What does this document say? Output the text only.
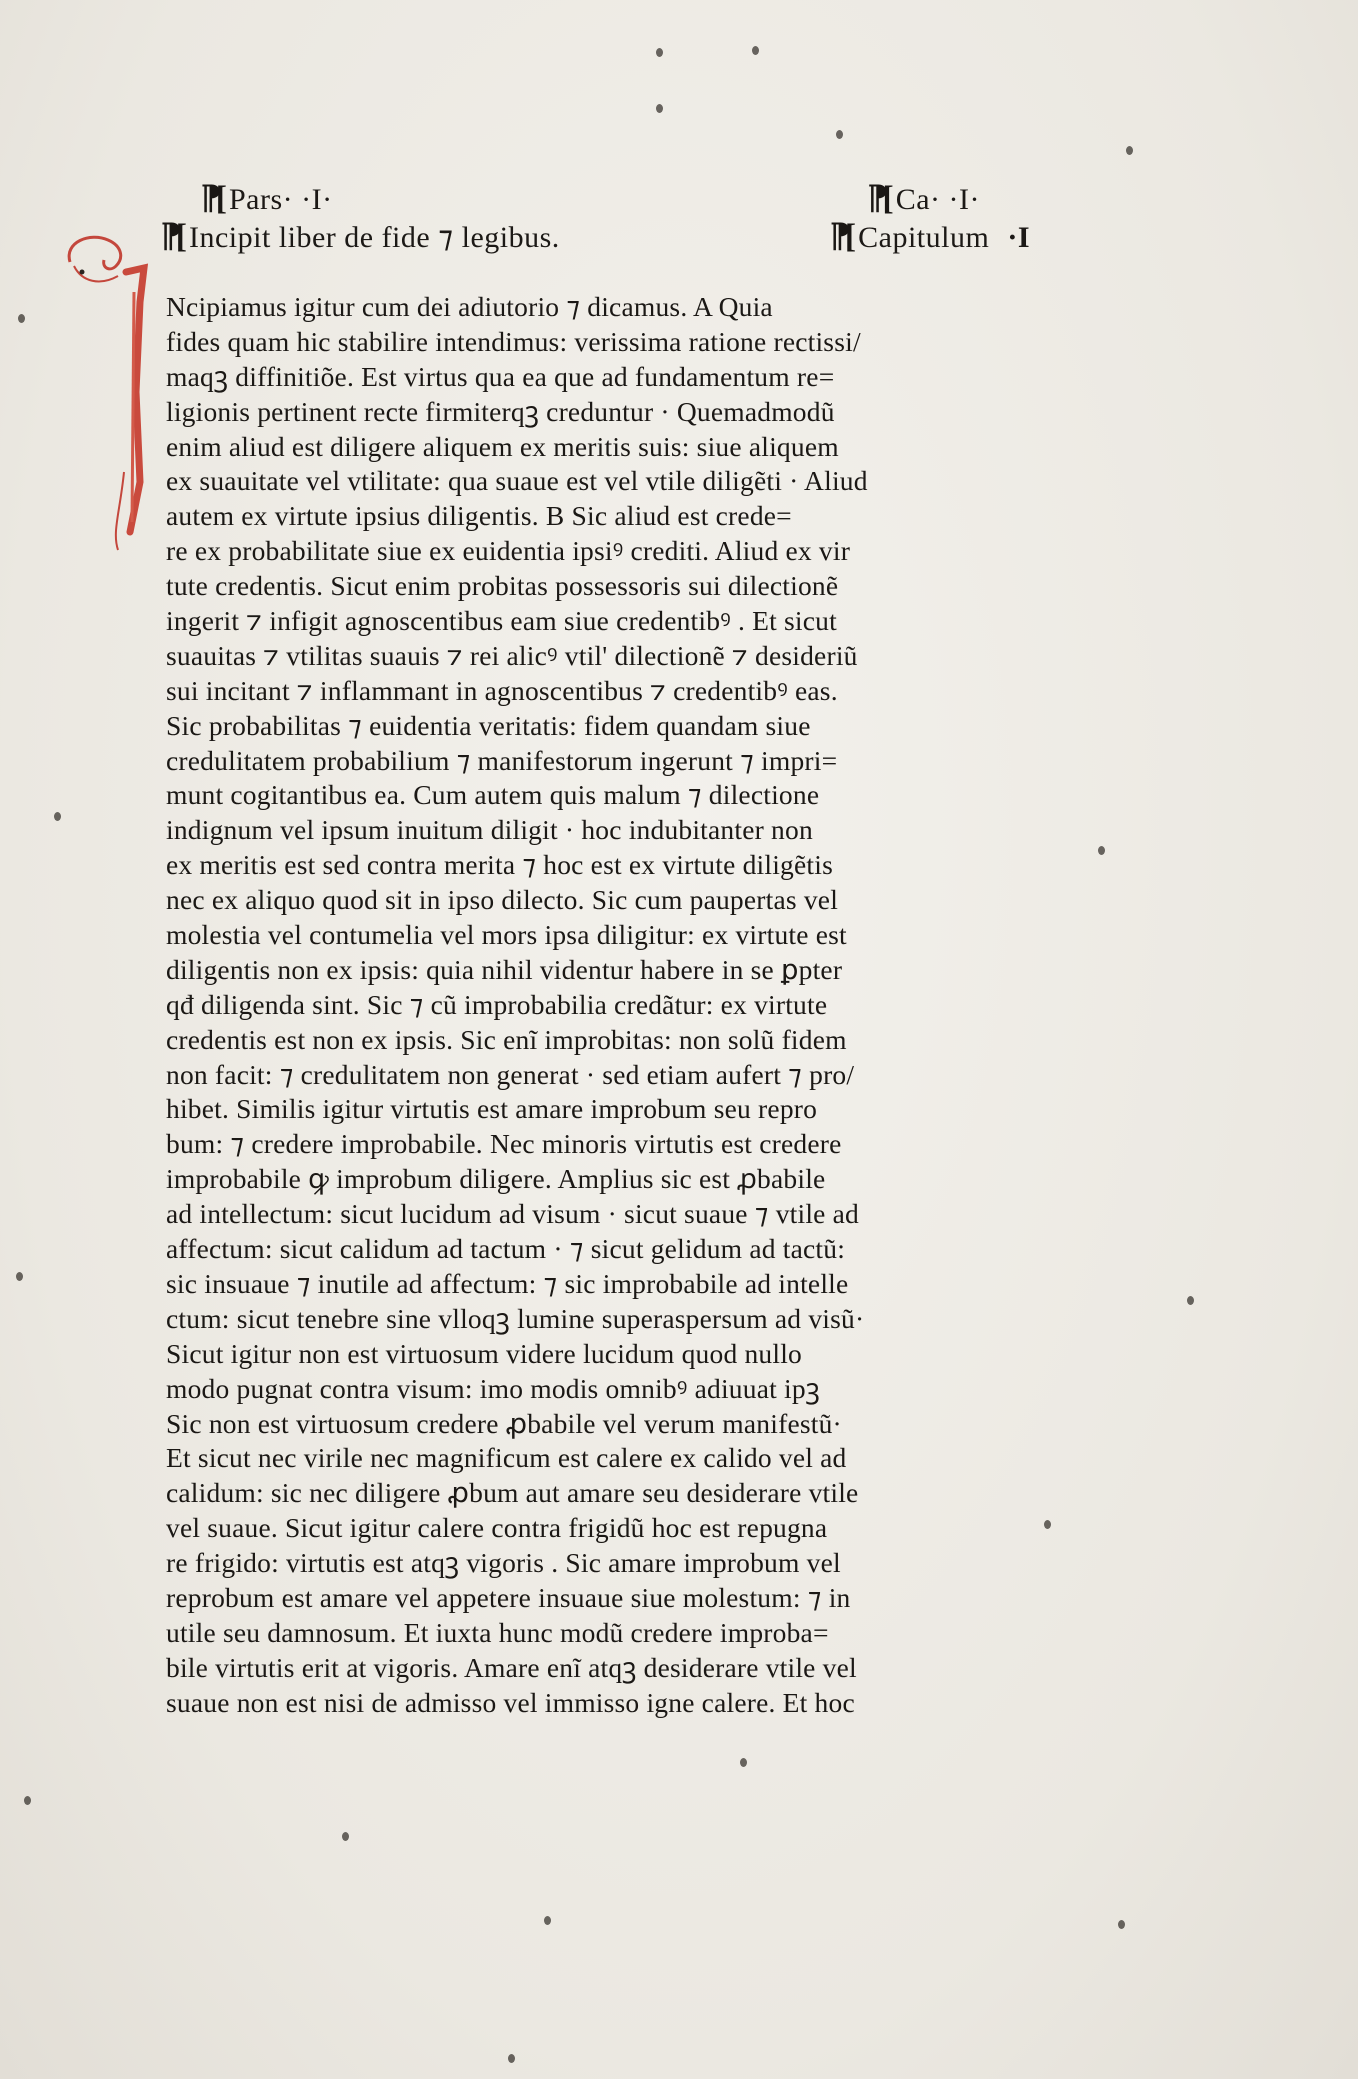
⁋[ Pars· ·I·	⁋[ Ca· ·I·
⁋[ Incipit liber de fide ⁊ legibus.	⁋[ Capitulum ·I
Ncipiamus igitur cum dei adiutorio ⁊ dicamus. A Quia
fides quam hic stabilire intendimus: verissima ratione rectissi/
maqꝫ diffinitiõe. Est virtus qua ea que ad fundamentum re=
ligionis pertinent recte firmiterqꝫ creduntur · Quemadmodũ
enim aliud est diligere aliquem ex meritis suis: siue aliquem
ex suauitate vel vtilitate: qua suaue est vel vtile diligẽti · Aliud
autem ex virtute ipsius diligentis. B Sic aliud est crede=
re ex probabilitate siue ex euidentia ipsiꝰ crediti. Aliud ex vir
tute credentis. Sicut enim probitas possessoris sui dilectionẽ
ingerit ⁊ infigit agnoscentibus eam siue credentibꝰ . Et sicut
suauitas ⁊ vtilitas suauis ⁊ rei alicꝰ vtil' dilectionẽ ⁊ desideriũ
sui incitant ⁊ inflammant in agnoscentibus ⁊ credentibꝰ eas.
Sic probabilitas ⁊ euidentia veritatis: fidem quandam siue
credulitatem probabilium ⁊ manifestorum ingerunt ⁊ impri=
munt cogitantibus ea. Cum autem quis malum ⁊ dilectione
indignum vel ipsum inuitum diligit · hoc indubitanter non
ex meritis est sed contra merita ⁊ hoc est ex virtute diligẽtis
nec ex aliquo quod sit in ipso dilecto. Sic cum paupertas vel
molestia vel contumelia vel mors ipsa diligitur: ex virtute est
diligentis non ex ipsis: quia nihil videntur habere in se ꝑpter
qđ diligenda sint. Sic ⁊ cũ improbabilia credãtur: ex virtute
credentis est non ex ipsis. Sic enĩ improbitas: non solũ fidem
non facit: ⁊ credulitatem non generat · sed etiam aufert ⁊ pro/
hibet. Similis igitur virtutis est amare improbum seu repro
bum: ⁊ credere improbabile. Nec minoris virtutis est credere
improbabile ꝙ improbum diligere. Amplius sic est ꝓbabile
ad intellectum: sicut lucidum ad visum · sicut suaue ⁊ vtile ad
affectum: sicut calidum ad tactum · ⁊ sicut gelidum ad tactũ:
sic insuaue ⁊ inutile ad affectum: ⁊ sic improbabile ad intelle
ctum: sicut tenebre sine vlloqꝫ lumine superaspersum ad visũ·
Sicut igitur non est virtuosum videre lucidum quod nullo
modo pugnat contra visum: imo modis omnibꝰ adiuuat ipꝫ
Sic non est virtuosum credere ꝓbabile vel verum manifestũ·
Et sicut nec virile nec magnificum est calere ex calido vel ad
calidum: sic nec diligere ꝓbum aut amare seu desiderare vtile
vel suaue. Sicut igitur calere contra frigidũ hoc est repugna
re frigido: virtutis est atqꝫ vigoris . Sic amare improbum vel
reprobum est amare vel appetere insuaue siue molestum: ⁊ in
utile seu damnosum. Et iuxta hunc modũ credere improba=
bile virtutis erit at vigoris. Amare enĩ atqꝫ desiderare vtile vel
suaue non est nisi de admisso vel immisso igne calere. Et hoc
